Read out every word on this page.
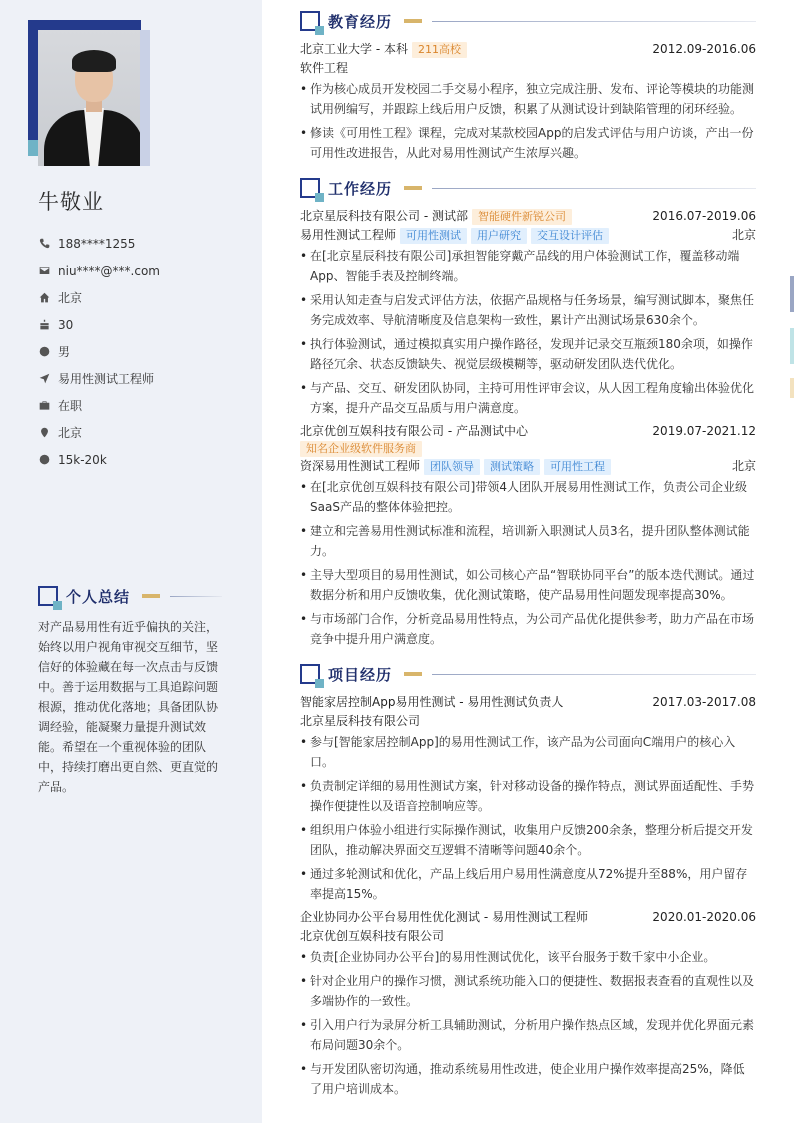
牛敬业
188****1255
niu****@***.com
北京
30
男
易用性测试工程师
在职
北京
15k-20k
个人总结

对产品易用性有近乎偏执的关注，始终以用户视角审视交互细节，坚信好的体验藏在每一次点击与反馈中。善于运用数据与工具追踪问题根源，推动优化落地；具备团队协调经验，能凝聚力量提升测试效能。希望在一个重视体验的团队中，持续打磨出更自然、更直觉的产品。

教育经历
北京工业大学 - 本科 211高校	2012.09-2016.06
软件工程
• 作为核心成员开发校园二手交易小程序，独立完成注册、发布、评论等模块的功能测试用例编写，并跟踪上线后用户反馈，积累了从测试设计到缺陷管理的闭环经验。
• 修读《可用性工程》课程，完成对某款校园App的启发式评估与用户访谈，产出一份可用性改进报告，从此对易用性测试产生浓厚兴趣。
工作经历
北京星辰科技有限公司 - 测试部 智能硬件新锐公司	2016.07-2019.06
易用性测试工程师 可用性测试	用户研究	交互设计评估	北京
• 在[北京星辰科技有限公司]承担智能穿戴产品线的用户体验测试工作，覆盖移动端App、智能手表及控制终端。
• 采用认知走查与启发式评估方法，依据产品规格与任务场景，编写测试脚本，聚焦任务完成效率、导航清晰度及信息架构一致性，累计产出测试场景630余个。
• 执行体验测试，通过模拟真实用户操作路径，发现并记录交互瓶颈180余项，如操作路径冗余、状态反馈缺失、视觉层级模糊等，驱动研发团队迭代优化。
• 与产品、交互、研发团队协同，主持可用性评审会议，从人因工程角度输出体验优化方案，提升产品交互品质与用户满意度。
北京优创互娱科技有限公司 - 产品测试中心	2019.07-2021.12
知名企业级软件服务商
资深易用性测试工程师 团队领导	测试策略	可用性工程	北京
• 在[北京优创互娱科技有限公司]带领4人团队开展易用性测试工作，负责公司企业级SaaS产品的整体体验把控。
• 建立和完善易用性测试标准和流程，培训新入职测试人员3名，提升团队整体测试能力。
• 主导大型项目的易用性测试，如公司核心产品“智联协同平台”的版本迭代测试。通过数据分析和用户反馈收集，优化测试策略，使产品易用性问题发现率提高30%。
• 与市场部门合作，分析竞品易用性特点，为公司产品优化提供参考，助力产品在市场竞争中提升用户满意度。
项目经历
智能家居控制App易用性测试 - 易用性测试负责人	2017.03-2017.08
北京星辰科技有限公司
• 参与[智能家居控制App]的易用性测试工作，该产品为公司面向C端用户的核心入口。
• 负责制定详细的易用性测试方案，针对移动设备的操作特点，测试界面适配性、手势操作便捷性以及语音控制响应等。
• 组织用户体验小组进行实际操作测试，收集用户反馈200余条，整理分析后提交开发团队，推动解决界面交互逻辑不清晰等问题40余个。
• 通过多轮测试和优化，产品上线后用户易用性满意度从72%提升至88%，用户留存率提高15%。
企业协同办公平台易用性优化测试 - 易用性测试工程师	2020.01-2020.06
北京优创互娱科技有限公司
• 负责[企业协同办公平台]的易用性测试优化，该平台服务于数千家中小企业。
• 针对企业用户的操作习惯，测试系统功能入口的便捷性、数据报表查看的直观性以及多端协作的一致性。
• 引入用户行为录屏分析工具辅助测试，分析用户操作热点区域，发现并优化界面元素布局问题30余个。
• 与开发团队密切沟通，推动系统易用性改进，使企业用户操作效率提高25%，降低了用户培训成本。
